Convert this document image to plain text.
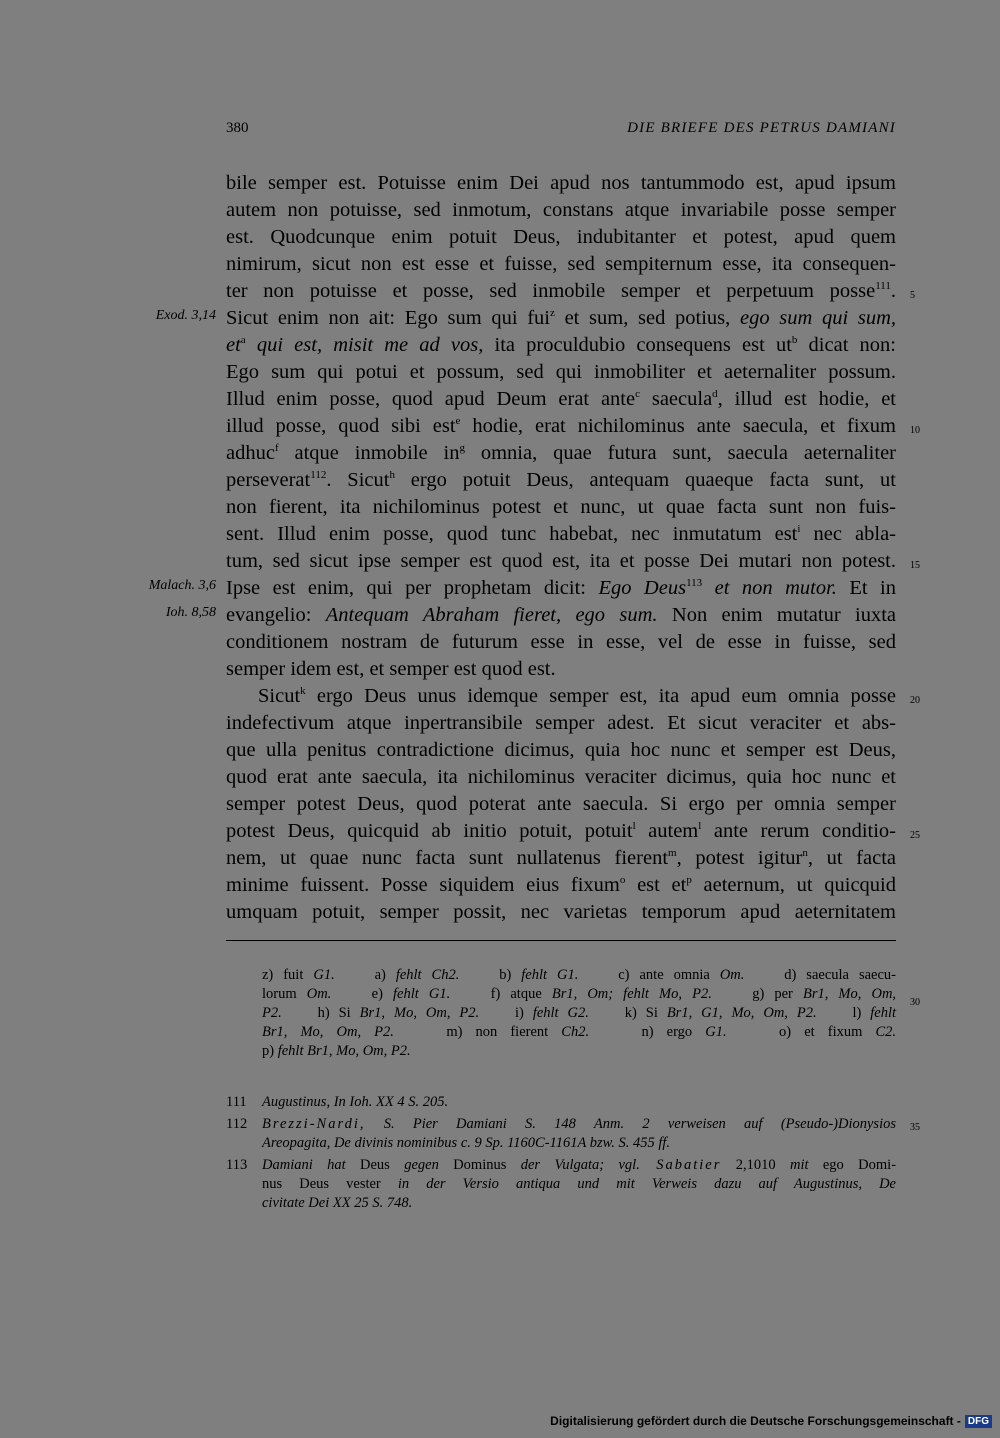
380	DIE BRIEFE DES PETRUS DAMIANI
Exod. 3,14
Malach. 3,6
Ioh. 8,58
5
10
15
20
25
30
35
bile semper est. Potuisse enim Dei apud nos tantummodo est, apud ipsum
autem non potuisse, sed inmotum, constans atque invariabile posse semper
est. Quodcunque enim potuit Deus, indubitanter et potest, apud quem
nimirum, sicut non est esse et fuisse, sed sempiternum esse, ita consequen-
ter non potuisse et posse, sed inmobile semper et perpetuum posse$^{111}$.
Sicut enim non ait: Ego sum qui fui$^z$ et sum, sed potius, ego sum qui sum,
$et^a$ qui est, misit me ad vos, ita proculdubio consequens est $ut^b$ dicat non:
Ego sum qui potui et possum, sed qui inmobiliter et aeternaliter possum.
Illud enim posse, quod apud Deum erat ante$^c$ saecula$^d$, illud est hodie, et
illud posse, quod sibi est$^e$ hodie, erat nichilominus ante saecula, et fixum
adhuc$^f$ atque inmobile $in^g$ omnia, quae futura sunt, saecula aeternaliter
perseverat$^{112}$. Sicut$^h$ ergo potuit Deus, antequam quaeque facta sunt, ut
non fierent, ita nichilominus potest et nunc, ut quae facta sunt non fuis-
sent. Illud enim posse, quod tunc habebat, nec inmutatum est$^i$ nec abla-
tum, sed sicut ipse semper est quod est, ita et posse Dei mutari non potest.
Ipse est enim, qui per prophetam dicit: Ego Deus$^{113}$ et non mutor. Et in
evangelio: Antequam Abraham fieret, ego sum. Non enim mutatur iuxta
conditionem nostram de futurum esse in esse, vel de esse in fuisse, sed
semper idem est, et semper est quod est.
Sicut$^k$ ergo Deus unus idemque semper est, ita apud eum omnia posse
indefectivum atque inpertransibile semper adest. Et sicut veraciter et abs-
que ulla penitus contradictione dicimus, quia hoc nunc et semper est Deus,
quod erat ante saecula, ita nichilominus veraciter dicimus, quia hoc nunc et
semper potest Deus, quod poterat ante saecula. Si ergo per omnia semper
potest Deus, quicquid ab initio potuit, potuit$^l$ autem$^l$ ante rerum conditio-
nem, ut quae nunc facta sunt nullatenus fierent$^m$, potest igitur$^n$, ut facta
minime fuissent. Posse siquidem eius fixum$^o$ est $et^p$ aeternum, ut quicquid
umquam potuit, semper possit, nec varietas temporum apud aeternitatem
z) fuit G1.	a) fehlt Ch2.	b) fehlt G1.	c) ante omnia Om.	d) saecula saecu-
lorum Om.	e) fehlt G1.	f) atque Br1, Om; fehlt Mo, P2.	g) per Br1, Mo, Om,
P2. h) Si Br1, Mo, Om, P2. i) fehlt G2. k) Si Br1, G1, Mo, Om, P2. l) fehlt
Br1, Mo, Om, P2.	m) non fierent Ch2.	n) ergo G1.	o) et fixum C2.
p) fehlt Br1, Mo, Om, P2.
111 Augustinus, In Ioh. XX 4 S. 205.
112 Brezzi-Nardi, S. Pier Damiani S. 148 Anm. 2 verweisen auf (Pseudo-)Dionysios
Areopagita, De divinis nominibus c. 9 Sp. 1160C-1161A bzw. S. 455 ff.
113 Damiani hat Deus gegen Dominus der Vulgata; vgl. Sabatier 2,1010 mit ego Domi-
nus Deus vester in der Versio antiqua und mit Verweis dazu auf Augustinus, De
civitate Dei XX 25 S. 748.
Digitalisierung gefördert durch die Deutsche Forschungsgemeinschaft - DFG
